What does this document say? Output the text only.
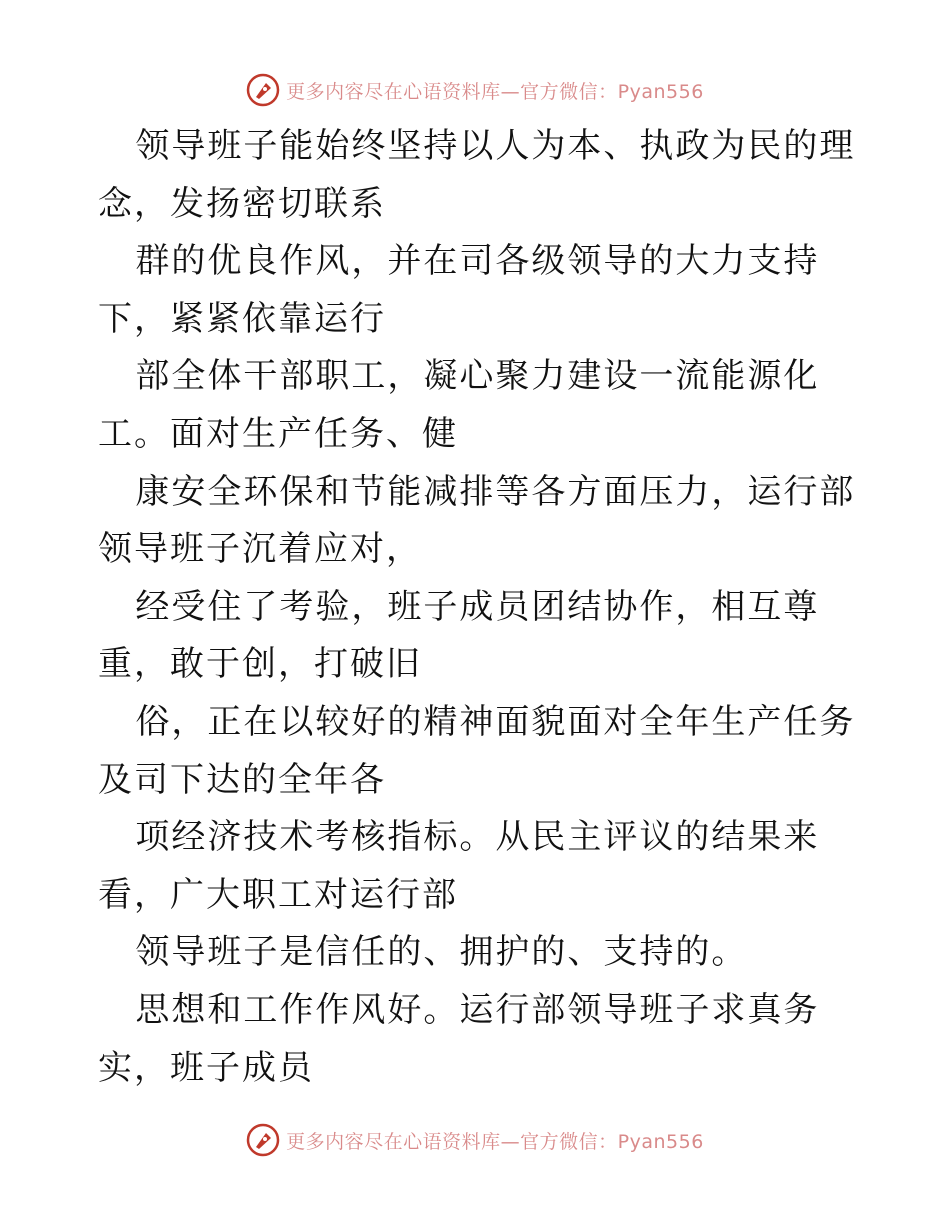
更多内容尽在心语资料库—官方微信：Pyan556

领导班子能始终坚持以人为本、执政为民的理念，发扬密切联系

群的优良作风，并在司各级领导的大力支持下，紧紧依靠运行

部全体干部职工，凝心聚力建设一流能源化工。面对生产任务、健

康安全环保和节能减排等各方面压力，运行部领导班子沉着应对，

经受住了考验，班子成员团结协作，相互尊重，敢于创，打破旧

俗，正在以较好的精神面貌面对全年生产任务及司下达的全年各

项经济技术考核指标。从民主评议的结果来看，广大职工对运行部

领导班子是信任的、拥护的、支持的。

思想和工作作风好。运行部领导班子求真务实，班子成员

更多内容尽在心语资料库—官方微信：Pyan556
